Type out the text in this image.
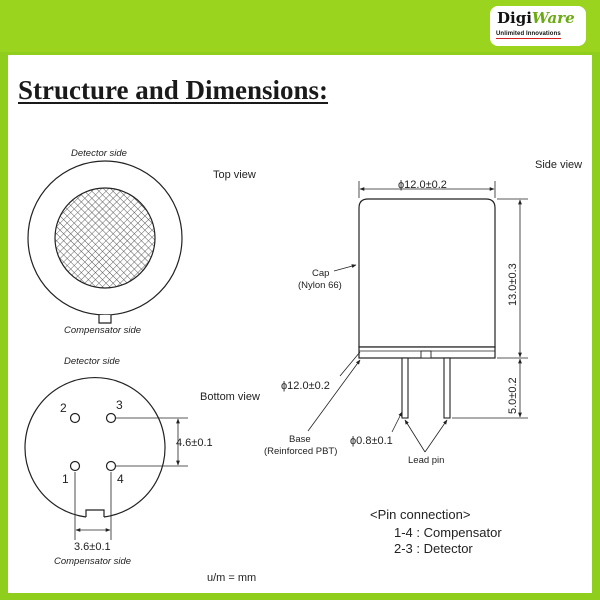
DigiWare
Unlimited Innovations
Structure and Dimensions:
Detector side
Compensator side
Top view
Detector side
1
2	3
4
4.6±0.1
3.6±0.1
Compensator side
Bottom view
Side view
ϕ12.0±0.2
13.0±0.3
5.0±0.2
Cap
(Nylon 66)
ϕ12.0±0.2
Base
(Reinforced PBT)
ϕ0.8±0.1
Lead pin
u/m = mm
<Pin connection>
1-4 : Compensator
2-3 : Detector
